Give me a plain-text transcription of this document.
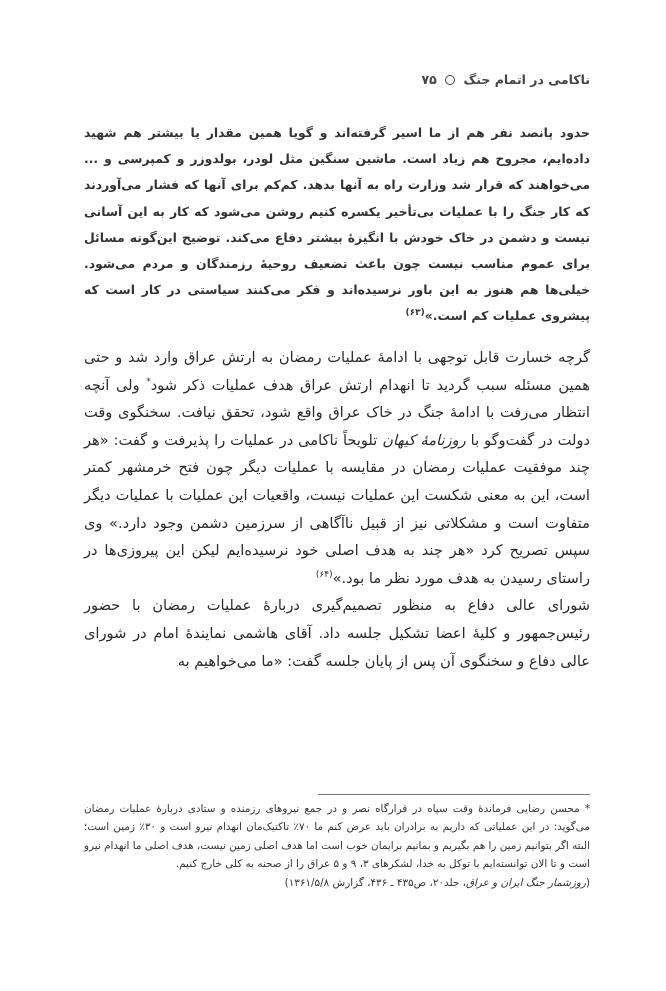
ناکامی در اتمام جنگ  ۷۵
حدود پانصد نفر هم از ما اسیر گرفته‌اند و گویا همین مقدار یا بیشتر هم شهید داده‌ایم، مجروح هم زیاد است. ماشین سنگین مثل لودر، بولدوزر و کمپرسی و ... می‌خواهند که قرار شد وزارت راه به آنها بدهد. کم‌کم برای آنها که فشار می‌آوردند که کار جنگ را با عملیات بی‌تأخیر یکسره کنیم روشن می‌شود که کار به این آسانی نیست و دشمن در خاک خودش با انگیزهٔ بیشتر دفاع می‌کند. توضیح این‌گونه مسائل برای عموم مناسب نیست چون باعث تضعیف روحیهٔ رزمندگان و مردم می‌شود. خیلی‌ها هم هنوز به این باور نرسیده‌اند و فکر می‌کنند سیاستی در کار است که پیشروی عملیات کم است.»$^{(۶۳)}$

گرچه خسارت قابل توجهی با ادامهٔ عملیات رمضان به ارتش عراق وارد شد و حتی همین مسئله سبب گردید تا انهدام ارتش عراق هدف عملیات ذکر شود* ولی آنچه انتظار می‌رفت با ادامهٔ جنگ در خاک عراق واقع شود، تحقق نیافت. سخنگوی وقت دولت در گفت‌وگو با روزنامهٔ کیهان تلویحاً ناکامی در عملیات را پذیرفت و گفت: «هر چند موفقیت عملیات رمضان در مقایسه با عملیات دیگر چون فتح خرمشهر کمتر است، این به معنی شکست این عملیات نیست، واقعیات این عملیات با عملیات دیگر متفاوت است و مشکلاتی نیز از قبیل ناآگاهی از سرزمین دشمن وجود دارد.» وی سپس تصریح کرد «هر چند به هدف اصلی خود نرسیده‌ایم لیکن این پیروزی‌ها در راستای رسیدن به هدف مورد نظر ما بود.»$^{(۶۴)}$

شورای عالی دفاع به منظور تصمیم‌گیری دربارهٔ عملیات رمضان با حضور رئیس‌جمهور و کلیهٔ اعضا تشکیل جلسه داد. آقای هاشمی نمایندهٔ امام در شورای عالی دفاع و سخنگوی آن پس از پایان جلسه گفت: «ما می‌خواهیم به

* محسن رضایی فرماندهٔ وقت سپاه در قرارگاه نصر و در جمع نیروهای رزمنده و ستادی دربارهٔ عملیات رمضان می‌گوید: در این عملیاتی که داریم به برادران باید عرض کنم ما ۷۰٪ تاکتیک‌مان انهدام نیرو است و ۳۰٪ زمین است؛ البته اگر بتوانیم زمین را هم بگیریم و بمانیم برایمان خوب است اما هدف اصلی زمین نیست، هدف اصلی ما انهدام نیرو است و تا الان توانسته‌ایم با توکل به خدا، لشکرهای ۳، ۹ و ۵ عراق را از صحنه به کلی خارج کنیم.
(روزشمار جنگ ایران و عراق، جلد۲۰، ص۴۳۵ ـ ۴۳۶، گزارش ۱۳۶۱/۵/۸)
